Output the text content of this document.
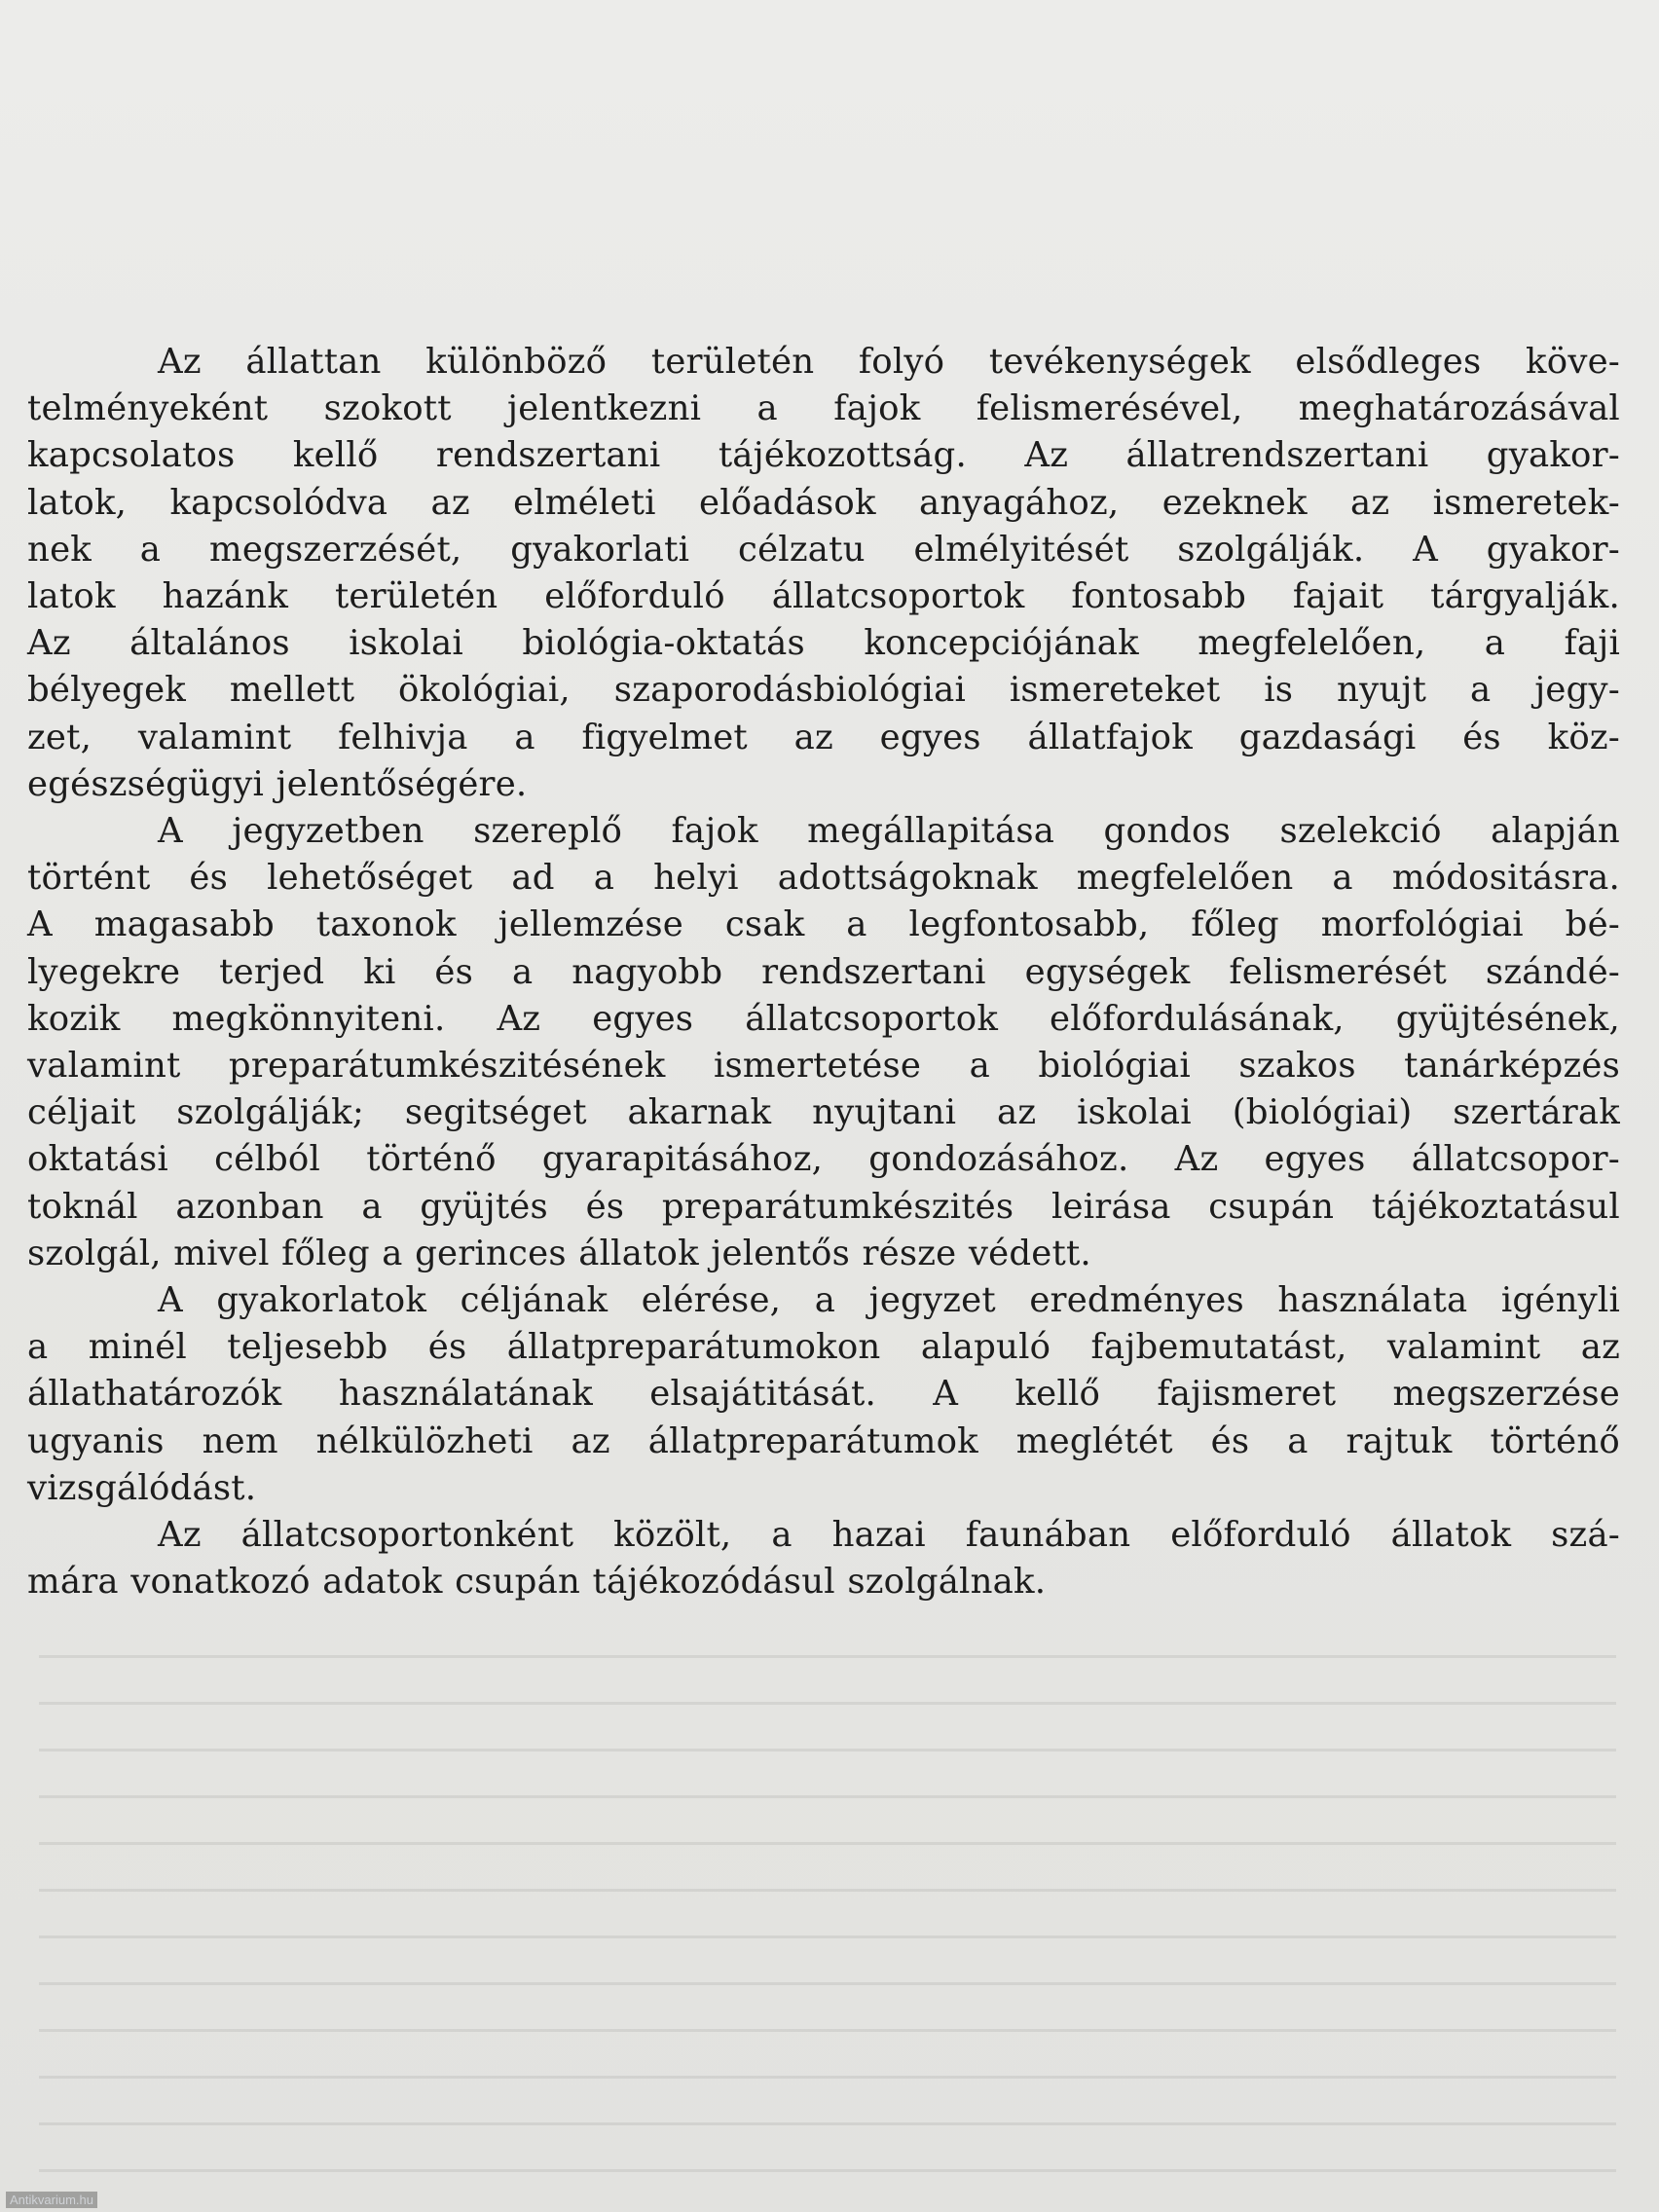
Az állattan különböző területén folyó tevékenységek elsődleges köve-
telményeként szokott jelentkezni a fajok felismerésével, meghatározásával
kapcsolatos kellő rendszertani tájékozottság. Az állatrendszertani gyakor-
latok, kapcsolódva az elméleti előadások anyagához, ezeknek az ismeretek-
nek a megszerzését, gyakorlati célzatu elmélyitését szolgálják. A gyakor-
latok hazánk területén előforduló állatcsoportok fontosabb fajait tárgyalják.
Az általános iskolai biológia-oktatás koncepciójának megfelelően, a faji
bélyegek mellett ökológiai, szaporodásbiológiai ismereteket is nyujt a jegy-
zet, valamint felhivja a figyelmet az egyes állatfajok gazdasági és köz-
egészségügyi jelentőségére.

A jegyzetben szereplő fajok megállapitása gondos szelekció alapján
történt és lehetőséget ad a helyi adottságoknak megfelelően a módositásra.
A magasabb taxonok jellemzése csak a legfontosabb, főleg morfológiai bé-
lyegekre terjed ki és a nagyobb rendszertani egységek felismerését szándé-
kozik megkönnyiteni. Az egyes állatcsoportok előfordulásának, gyüjtésének,
valamint preparátumkészitésének ismertetése a biológiai szakos tanárképzés
céljait szolgálják; segitséget akarnak nyujtani az iskolai (biológiai) szertárak
oktatási célból történő gyarapitásához, gondozásához. Az egyes állatcsopor-
toknál azonban a gyüjtés és preparátumkészités leirása csupán tájékoztatásul
szolgál, mivel főleg a gerinces állatok jelentős része védett.

A gyakorlatok céljának elérése, a jegyzet eredményes használata igényli
a minél teljesebb és állatpreparátumokon alapuló fajbemutatást, valamint az
állathatározók használatának elsajátitását. A kellő fajismeret megszerzése
ugyanis nem nélkülözheti az állatpreparátumok meglétét és a rajtuk történő
vizsgálódást.

Az állatcsoportonként közölt, a hazai faunában előforduló állatok szá-
mára vonatkozó adatok csupán tájékozódásul szolgálnak.

Antikvarium.hu
